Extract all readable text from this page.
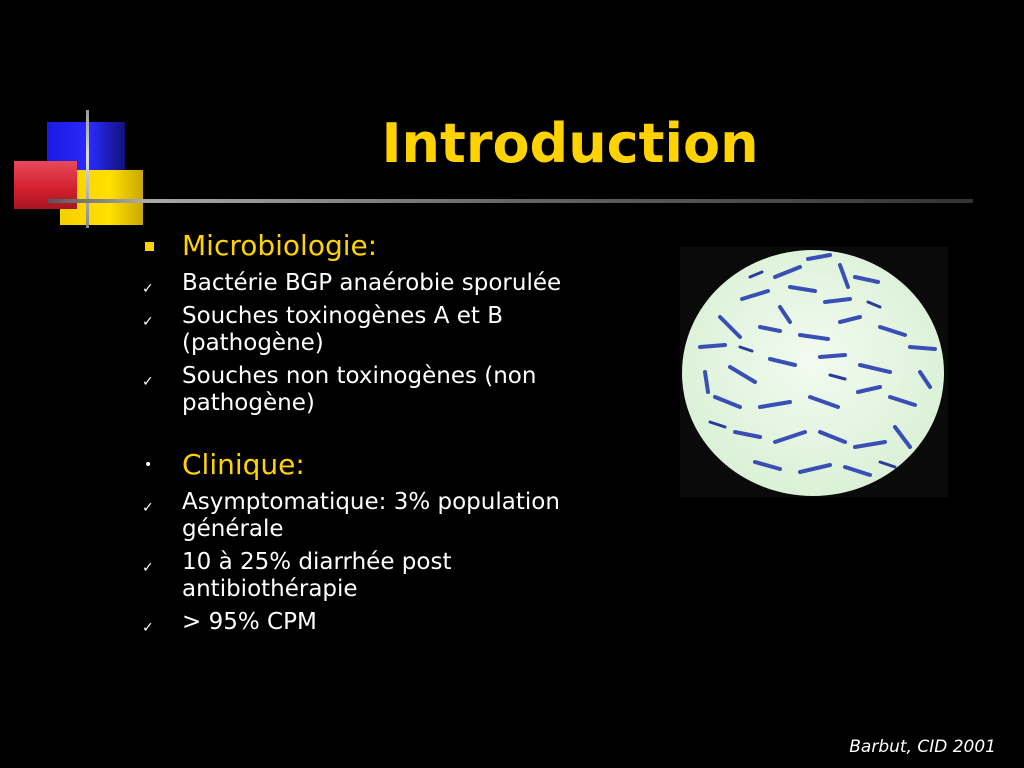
Introduction
Microbiologie:
✓ Bactérie BGP anaérobie sporulée
✓ Souches toxinogènes A et B (pathogène)
✓ Souches non toxinogènes (non pathogène)
• Clinique:
✓ Asymptomatique: 3% population générale
✓ 10 à 25% diarrhée post antibiothérapie
✓ > 95% CPM
Barbut, CID 2001
